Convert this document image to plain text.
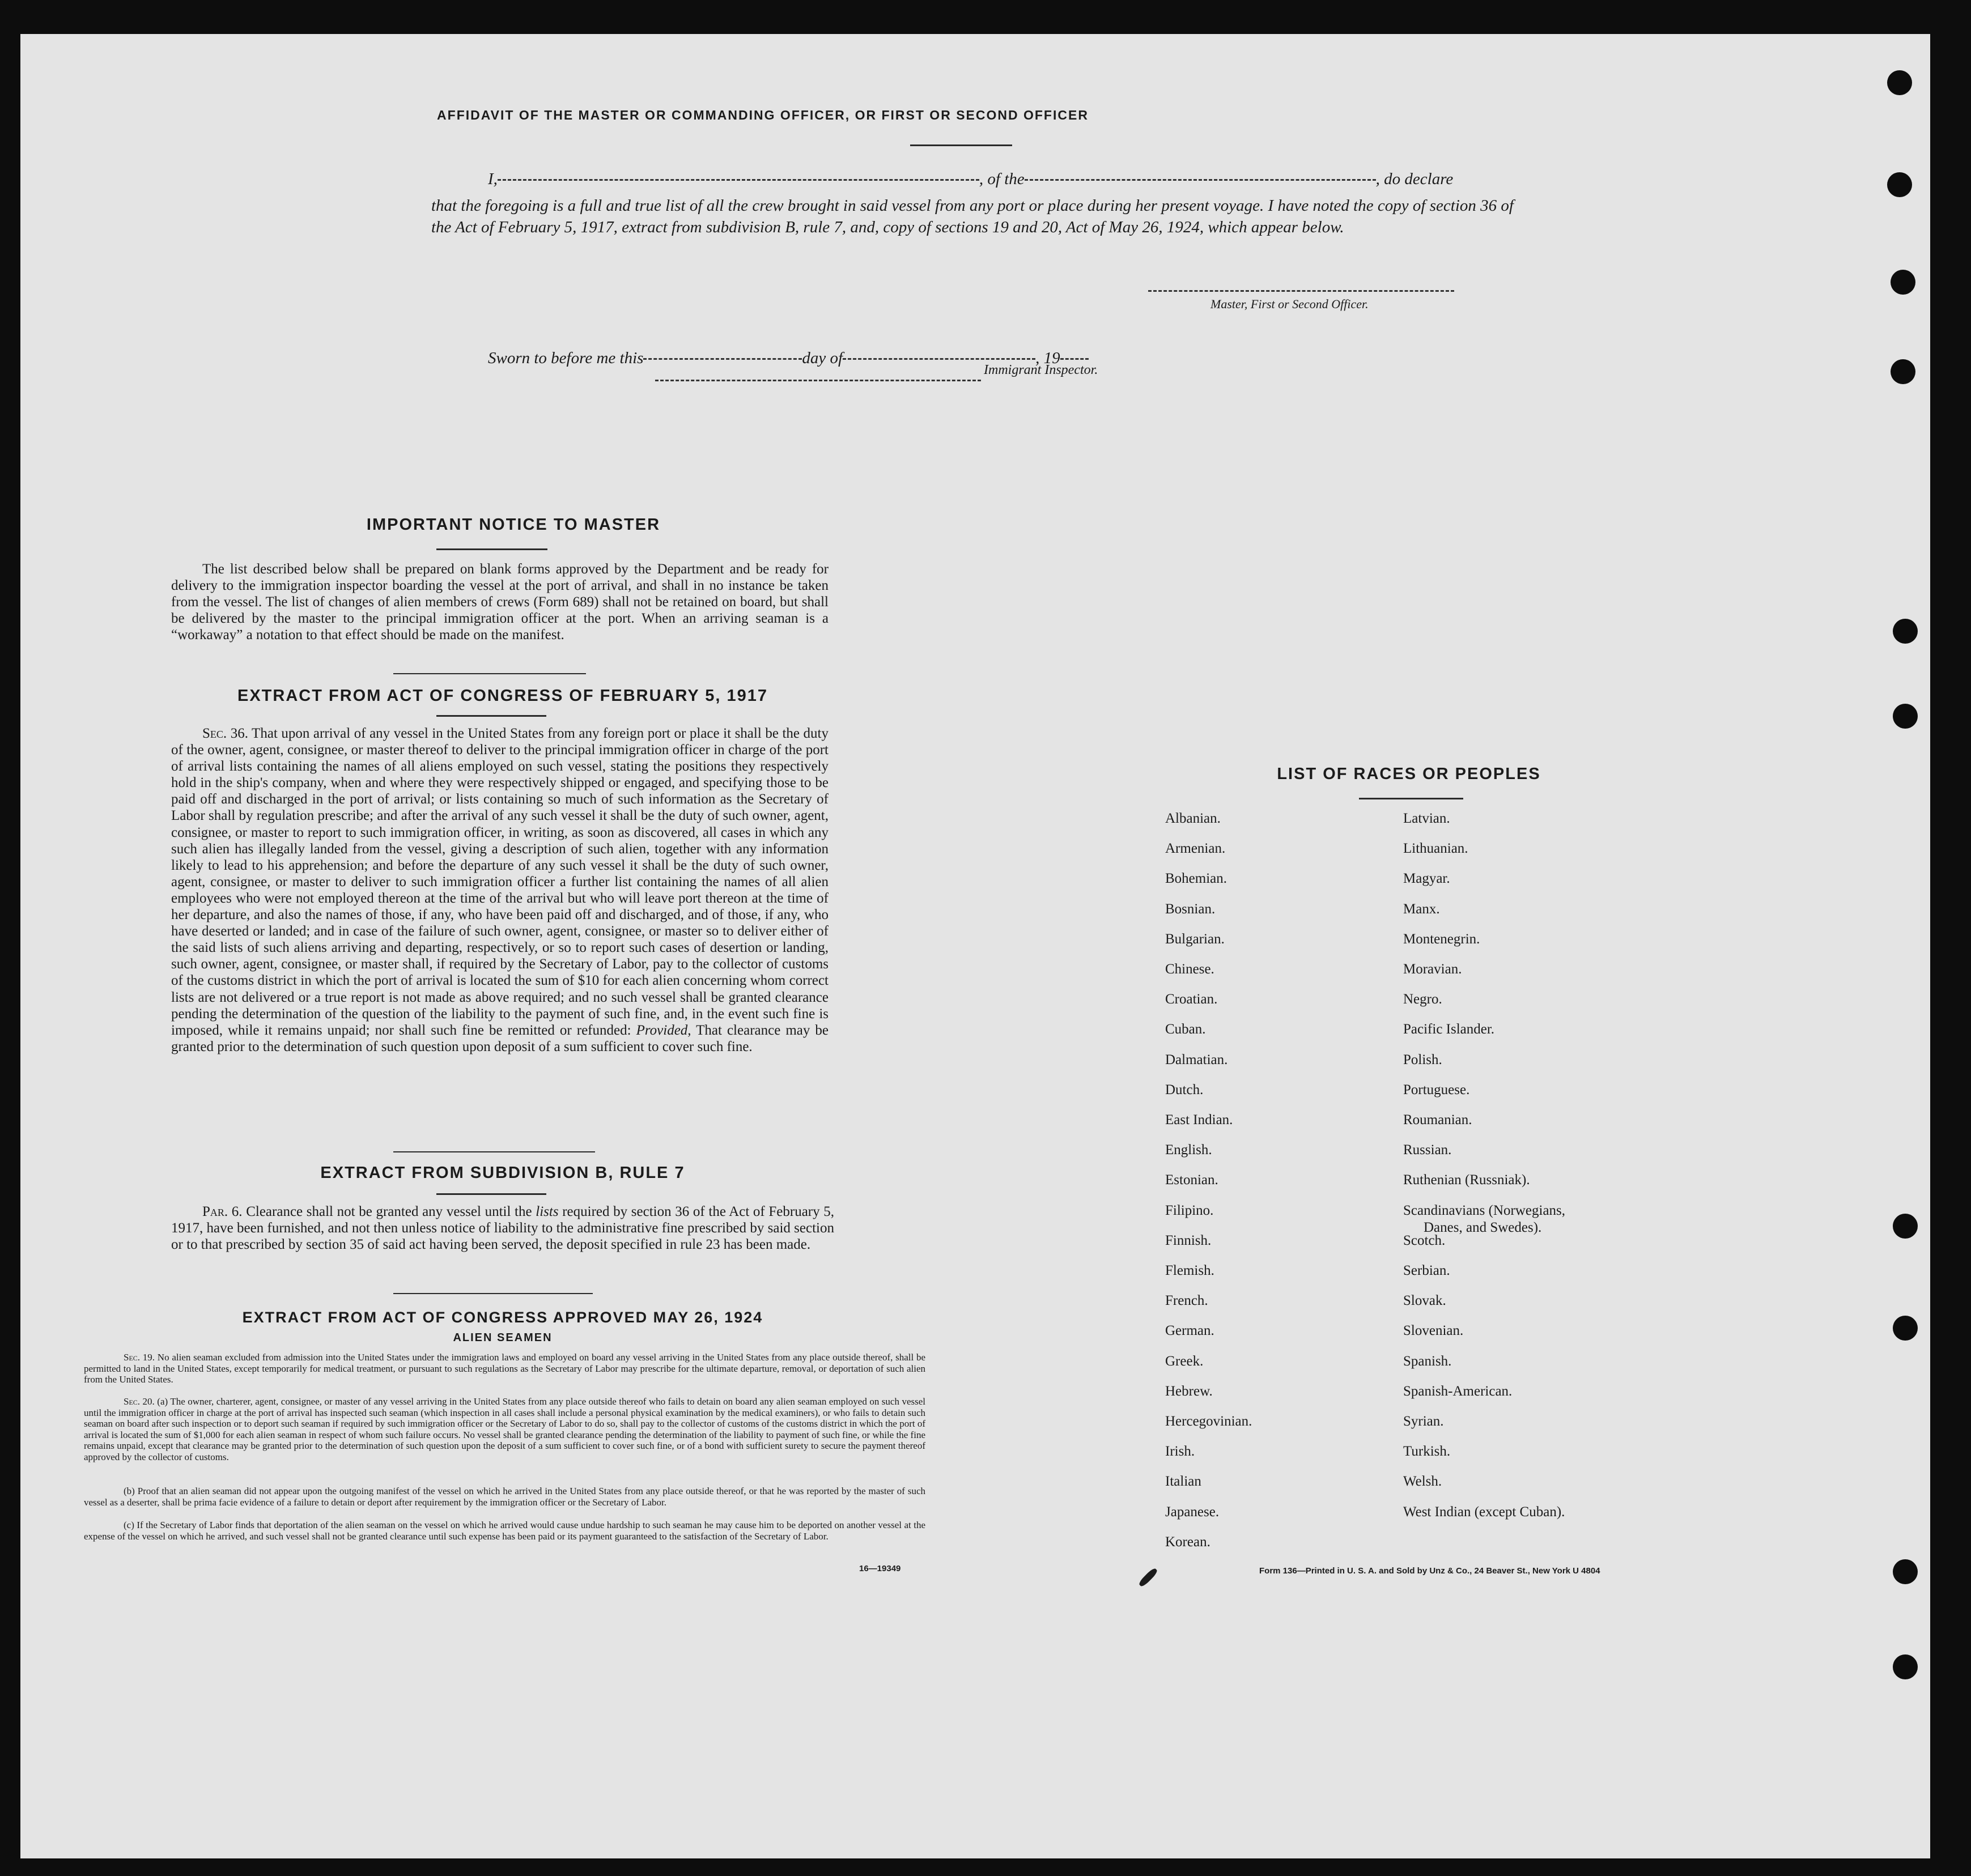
AFFIDAVIT OF THE MASTER OR COMMANDING OFFICER, OR FIRST OR SECOND OFFICER
I,	, of the	, do declare
that the foregoing is a full and true list of all the crew brought in said vessel from any port or place during her present voyage. I have noted the copy of section 36 of the Act of February 5, 1917, extract from subdivision B, rule 7, and, copy of sections 19 and 20, Act of May 26, 1924, which appear below.
Master, First or Second Officer.
Sworn to before me this	day of	, 19
Immigrant Inspector.
IMPORTANT NOTICE TO MASTER
The list described below shall be prepared on blank forms approved by the Department and be ready for delivery to the immigration inspector boarding the vessel at the port of arrival, and shall in no instance be taken from the vessel. The list of changes of alien members of crews (Form 689) shall not be retained on board, but shall be delivered by the master to the principal immigration officer at the port. When an arriving seaman is a “workaway” a notation to that effect should be made on the manifest.
EXTRACT FROM ACT OF CONGRESS OF FEBRUARY 5, 1917
Sec. 36. That upon arrival of any vessel in the United States from any foreign port or place it shall be the duty of the owner, agent, consignee, or master thereof to deliver to the principal immigration officer in charge of the port of arrival lists containing the names of all aliens employed on such vessel, stating the positions they respectively hold in the ship's company, when and where they were respectively shipped or engaged, and specifying those to be paid off and discharged in the port of arrival; or lists containing so much of such information as the Secretary of Labor shall by regulation prescribe; and after the arrival of any such vessel it shall be the duty of such owner, agent, consignee, or master to report to such immigration officer, in writing, as soon as discovered, all cases in which any such alien has illegally landed from the vessel, giving a description of such alien, together with any information likely to lead to his apprehension; and before the departure of any such vessel it shall be the duty of such owner, agent, consignee, or master to deliver to such immigration officer a further list containing the names of all alien employees who were not employed thereon at the time of the arrival but who will leave port thereon at the time of her departure, and also the names of those, if any, who have been paid off and discharged, and of those, if any, who have deserted or landed; and in case of the failure of such owner, agent, consignee, or master so to deliver either of the said lists of such aliens arriving and departing, respectively, or so to report such cases of desertion or landing, such owner, agent, consignee, or master shall, if required by the Secretary of Labor, pay to the collector of customs of the customs district in which the port of arrival is located the sum of $10 for each alien concerning whom correct lists are not delivered or a true report is not made as above required; and no such vessel shall be granted clearance pending the determination of the question of the liability to the payment of such fine, and, in the event such fine is imposed, while it remains unpaid; nor shall such fine be remitted or refunded: Provided, That clearance may be granted prior to the determination of such question upon deposit of a sum sufficient to cover such fine.
EXTRACT FROM SUBDIVISION B, RULE 7
Par. 6. Clearance shall not be granted any vessel until the lists required by section 36 of the Act of February 5, 1917, have been furnished, and not then unless notice of liability to the administrative fine prescribed by said section or to that prescribed by section 35 of said act having been served, the deposit specified in rule 23 has been made.
EXTRACT FROM ACT OF CONGRESS APPROVED MAY 26, 1924
ALIEN SEAMEN
Sec. 19. No alien seaman excluded from admission into the United States under the immigration laws and employed on board any vessel arriving in the United States from any place outside thereof, shall be permitted to land in the United States, except temporarily for medical treatment, or pursuant to such regulations as the Secretary of Labor may prescribe for the ultimate departure, removal, or deportation of such alien from the United States.
Sec. 20. (a) The owner, charterer, agent, consignee, or master of any vessel arriving in the United States from any place outside thereof who fails to detain on board any alien seaman employed on such vessel until the immigration officer in charge at the port of arrival has inspected such seaman (which inspection in all cases shall include a personal physical examination by the medical examiners), or who fails to detain such seaman on board after such inspection or to deport such seaman if required by such immigration officer or the Secretary of Labor to do so, shall pay to the collector of customs of the customs district in which the port of arrival is located the sum of $1,000 for each alien seaman in respect of whom such failure occurs. No vessel shall be granted clearance pending the determination of the liability to payment of such fine, or while the fine remains unpaid, except that clearance may be granted prior to the determination of such question upon the deposit of a sum sufficient to cover such fine, or of a bond with sufficient surety to secure the payment thereof approved by the collector of customs.
(b) Proof that an alien seaman did not appear upon the outgoing manifest of the vessel on which he arrived in the United States from any place outside thereof, or that he was reported by the master of such vessel as a deserter, shall be prima facie evidence of a failure to detain or deport after requirement by the immigration officer or the Secretary of Labor.
(c) If the Secretary of Labor finds that deportation of the alien seaman on the vessel on which he arrived would cause undue hardship to such seaman he may cause him to be deported on another vessel at the expense of the vessel on which he arrived, and such vessel shall not be granted clearance until such expense has been paid or its payment guaranteed to the satisfaction of the Secretary of Labor.
16—19349
LIST OF RACES OR PEOPLES
Albanian.
Armenian.
Bohemian.
Bosnian.
Bulgarian.
Chinese.
Croatian.
Cuban.
Dalmatian.
Dutch.
East Indian.
English.
Estonian.
Filipino.
Finnish.
Flemish.
French.
German.
Greek.
Hebrew.
Hercegovinian.
Irish.
Italian
Japanese.
Korean.
Latvian.
Lithuanian.
Magyar.
Manx.
Montenegrin.
Moravian.
Negro.
Pacific Islander.
Polish.
Portuguese.
Roumanian.
Russian.
Ruthenian (Russniak).
Scandinavians (Norwegians,
Danes, and Swedes).
Scotch.
Serbian.
Slovak.
Slovenian.
Spanish.
Spanish-American.
Syrian.
Turkish.
Welsh.
West Indian (except Cuban).
Form 136—Printed in U. S. A. and Sold by Unz & Co., 24 Beaver St., New York U 4804
